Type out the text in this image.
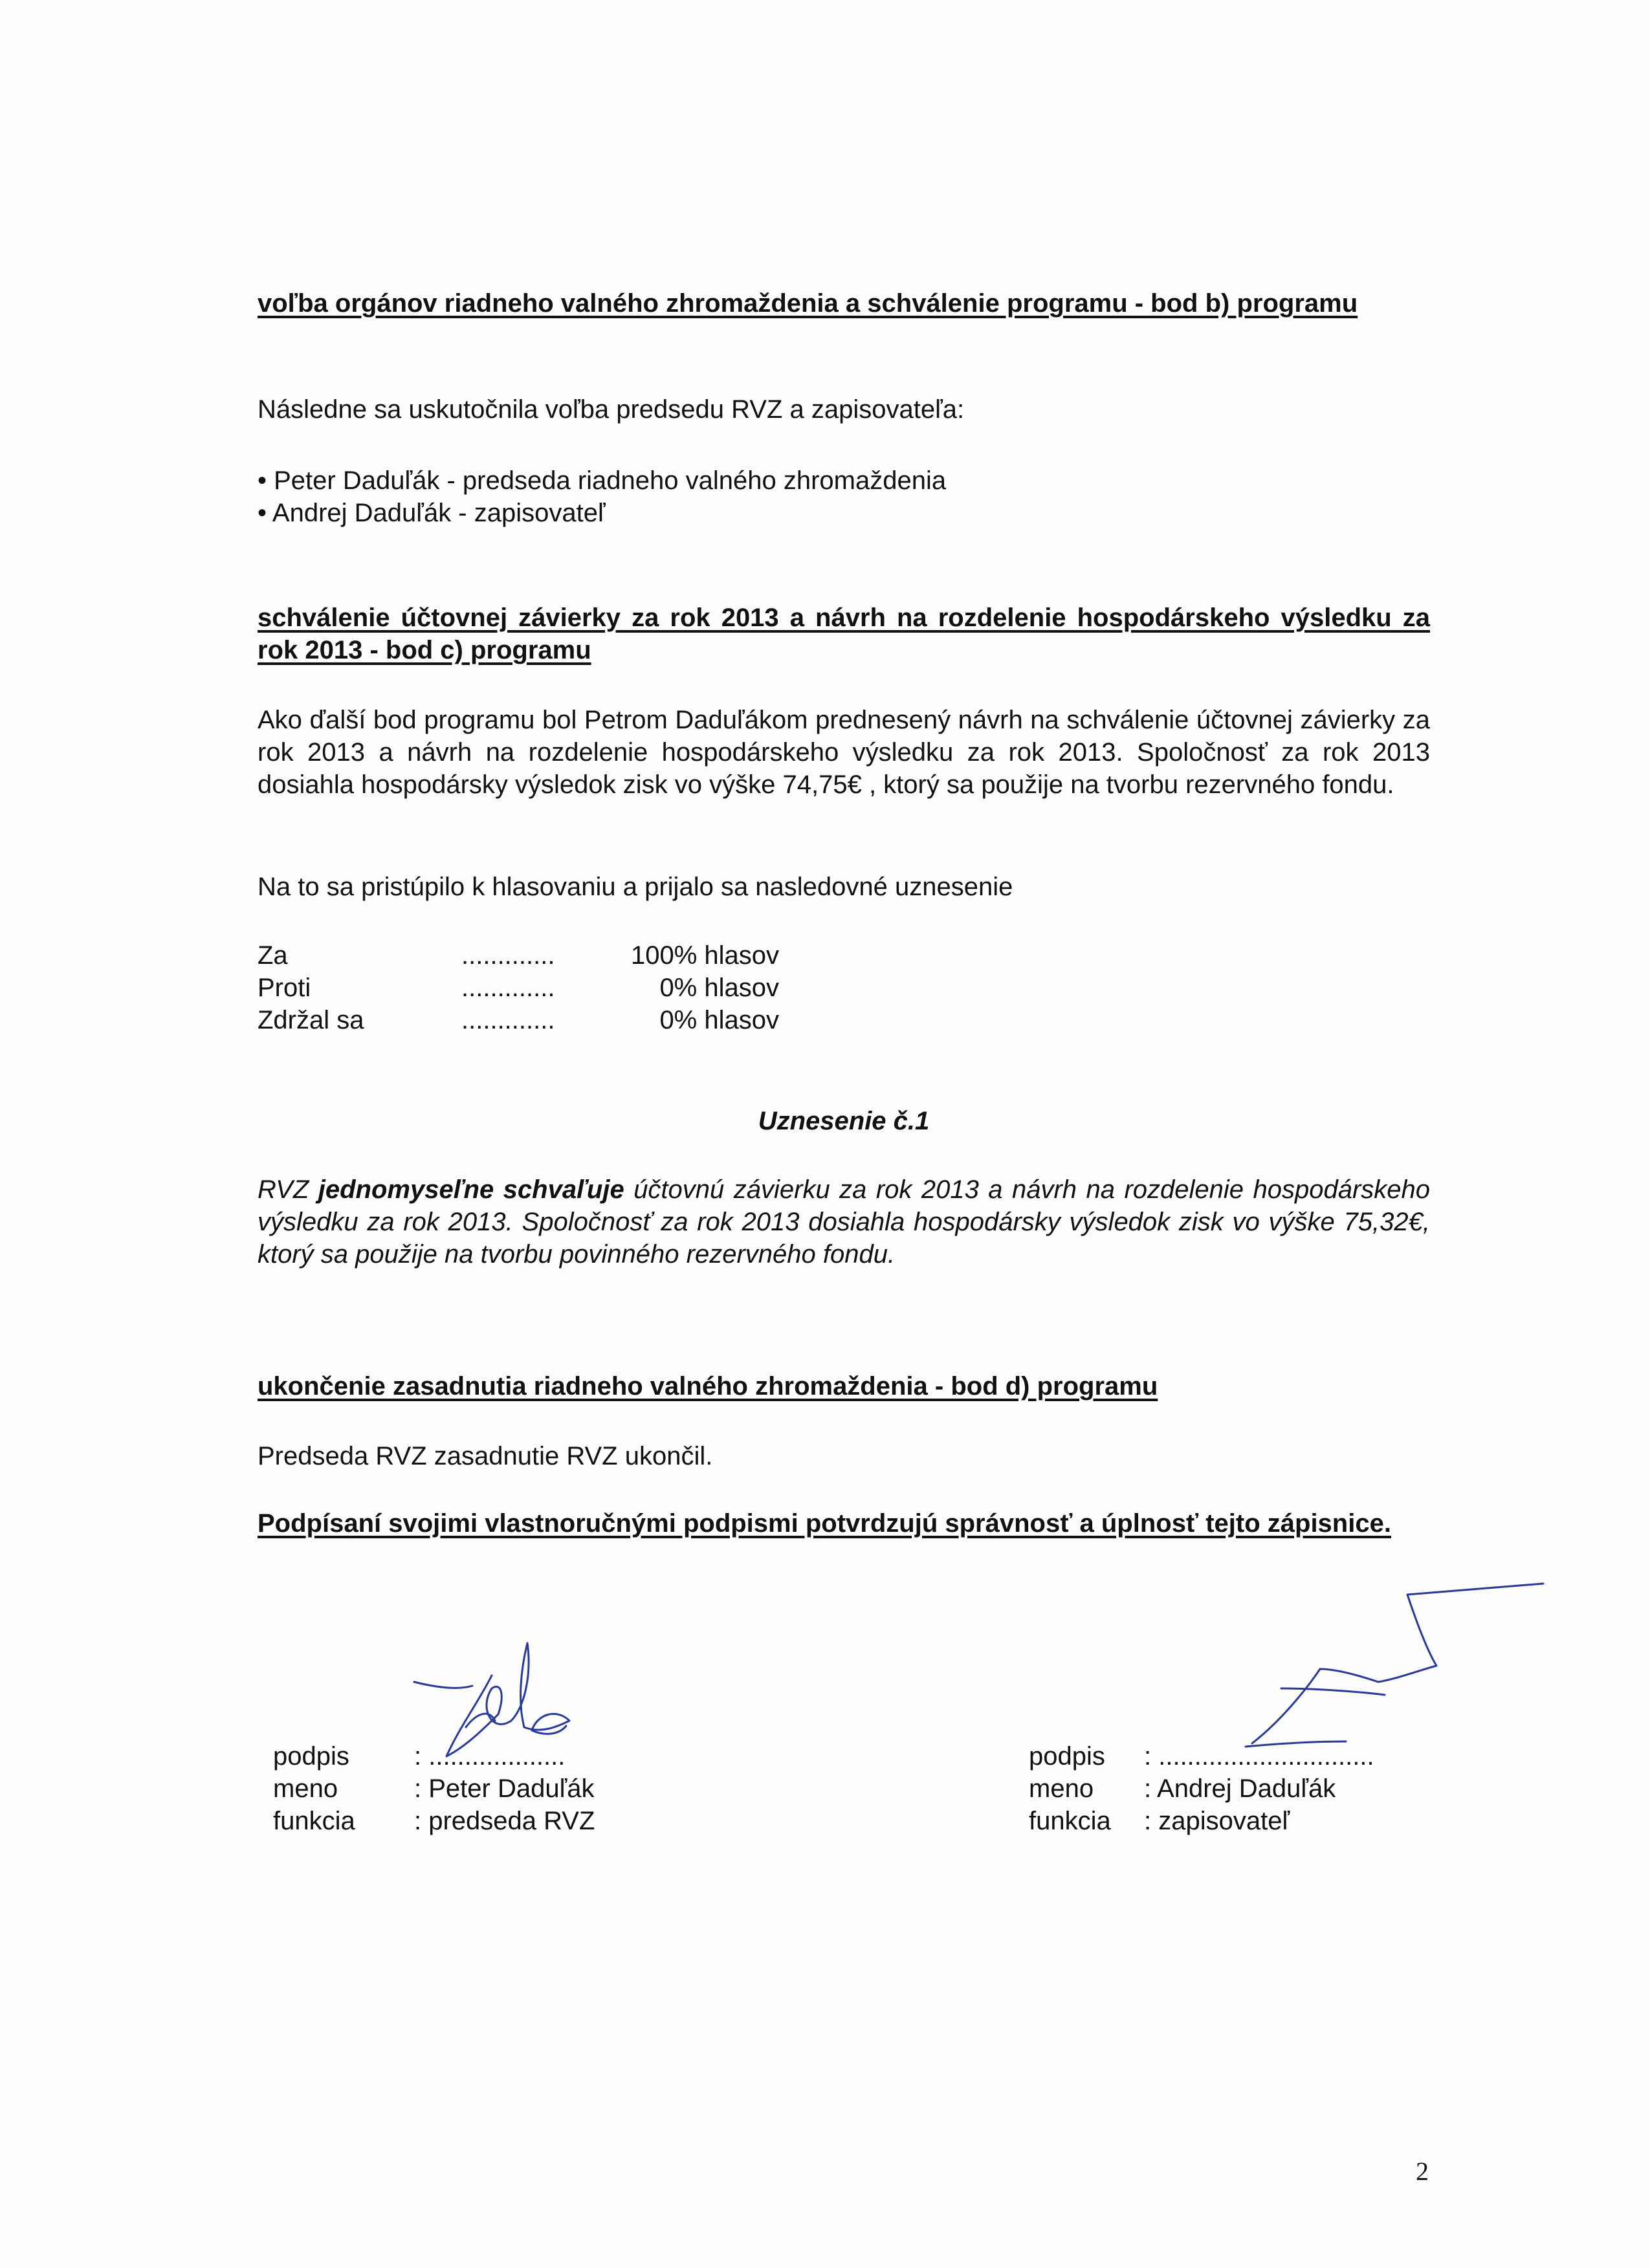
voľba orgánov riadneho valného zhromaždenia a schválenie programu - bod b) programu
Následne sa uskutočnila voľba predsedu RVZ a zapisovateľa:
• Peter Daduľák - predseda riadneho valného zhromaždenia
• Andrej Daduľák - zapisovateľ
schválenie účtovnej závierky za rok 2013 a návrh na rozdelenie hospodárskeho výsledku za rok 2013 - bod c) programu
Ako ďalší bod programu bol Petrom Daduľákom prednesený návrh na schválenie účtovnej závierky za rok 2013 a návrh na rozdelenie hospodárskeho výsledku za rok 2013. Spoločnosť za rok 2013 dosiahla hospodársky výsledok zisk vo výške 74,75€ , ktorý sa použije na tvorbu rezervného fondu.
Na to sa pristúpilo k hlasovaniu a prijalo sa nasledovné uznesenie
Za	.............	100% hlasov
Proti	.............	0% hlasov
Zdržal sa	.............	0% hlasov
Uznesenie č.1
RVZ jednomyseľne schvaľuje účtovnú závierku za rok 2013 a návrh na rozdelenie hospodárskeho výsledku za rok 2013. Spoločnosť za rok 2013 dosiahla hospodársky výsledok zisk vo výške 75,32€, ktorý sa použije na tvorbu povinného rezervného fondu.
ukončenie zasadnutia riadneho valného zhromaždenia - bod d) programu
Predseda RVZ zasadnutie RVZ ukončil.
Podpísaní svojimi vlastnoručnými podpismi potvrdzujú správnosť a úplnosť tejto zápisnice.
podpis	: ...................
meno	: Peter Daduľák
funkcia : predseda RVZ
podpis : ..............................
meno : Andrej Daduľák
funkcia : zapisovateľ
2
